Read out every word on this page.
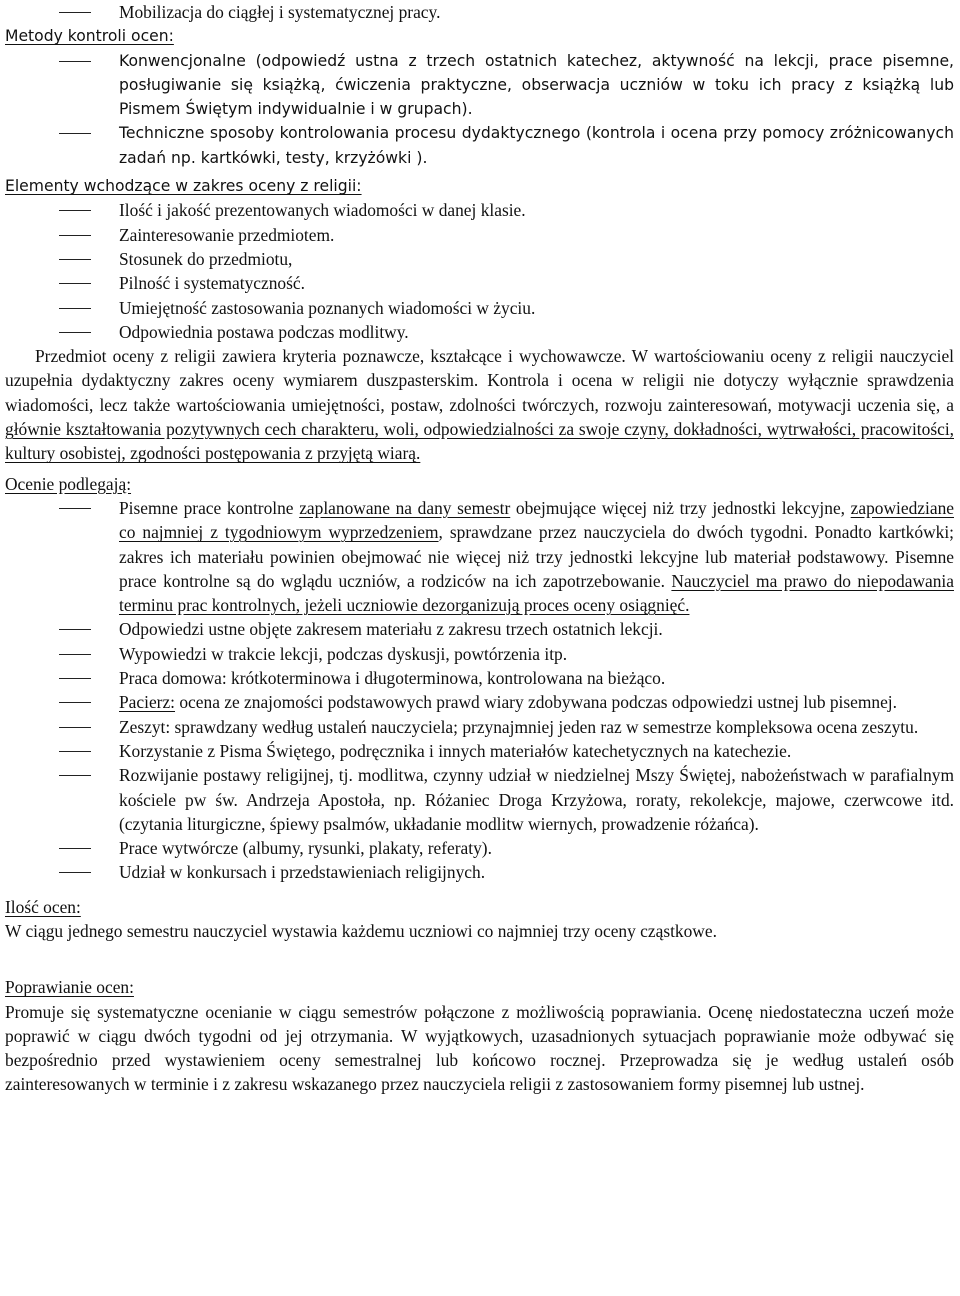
Mobilizacja do ciągłej i systematycznej pracy.
Metody kontroli ocen:
Konwencjonalne (odpowiedź ustna z trzech ostatnich katechez, aktywność na lekcji, prace pisemne, posługiwanie się książką, ćwiczenia praktyczne, obserwacja uczniów w toku ich pracy z książką lub Pismem Świętym indywidualnie i w grupach).
Techniczne sposoby kontrolowania procesu dydaktycznego (kontrola i ocena przy pomocy zróżnicowanych zadań np. kartkówki, testy, krzyżówki ).
Elementy wchodzące w zakres oceny z religii:
Ilość i jakość prezentowanych wiadomości w danej klasie.
Zainteresowanie przedmiotem.
Stosunek do przedmiotu,
Pilność i systematyczność.
Umiejętność zastosowania poznanych wiadomości w życiu.
Odpowiednia postawa podczas modlitwy.
Przedmiot oceny z religii zawiera kryteria poznawcze, kształcące i wychowawcze. W wartościowaniu oceny z religii nauczyciel uzupełnia dydaktyczny zakres oceny wymiarem duszpasterskim. Kontrola i ocena w religii nie dotyczy wyłącznie sprawdzenia wiadomości, lecz także wartościowania umiejętności, postaw, zdolności twórczych, rozwoju zainteresowań, motywacji uczenia się, a głównie kształtowania pozytywnych cech charakteru, woli, odpowiedzialności za swoje czyny, dokładności, wytrwałości, pracowitości, kultury osobistej, zgodności postępowania z przyjętą wiarą.
Ocenie podlegają:
Pisemne prace kontrolne zaplanowane na dany semestr obejmujące więcej niż trzy jednostki lekcyjne, zapowiedziane co najmniej z tygodniowym wyprzedzeniem, sprawdzane przez nauczyciela do dwóch tygodni. Ponadto kartkówki; zakres ich materiału powinien obejmować nie więcej niż trzy jednostki lekcyjne lub materiał podstawowy. Pisemne prace kontrolne są do wglądu uczniów, a rodziców na ich zapotrzebowanie. Nauczyciel ma prawo do niepodawania terminu prac kontrolnych, jeżeli uczniowie dezorganizują proces oceny osiągnięć.
Odpowiedzi ustne objęte zakresem materiału z zakresu trzech ostatnich lekcji.
Wypowiedzi w trakcie lekcji, podczas dyskusji, powtórzenia itp.
Praca domowa: krótkoterminowa i długoterminowa, kontrolowana na bieżąco.
Pacierz: ocena ze znajomości podstawowych prawd wiary zdobywana podczas odpowiedzi ustnej lub pisemnej.
Zeszyt: sprawdzany według ustaleń nauczyciela; przynajmniej jeden raz w semestrze kompleksowa ocena zeszytu.
Korzystanie z Pisma Świętego, podręcznika i innych materiałów katechetycznych na katechezie.
Rozwijanie postawy religijnej, tj. modlitwa, czynny udział w niedzielnej Mszy Świętej, nabożeństwach w parafialnym kościele pw św. Andrzeja Apostoła, np. Różaniec Droga Krzyżowa, roraty, rekolekcje, majowe, czerwcowe itd. (czytania liturgiczne, śpiewy psalmów, układanie modlitw wiernych, prowadzenie różańca).
Prace wytwórcze (albumy, rysunki, plakaty, referaty).
Udział w konkursach i przedstawieniach religijnych.
Ilość ocen:
W ciągu jednego semestru nauczyciel wystawia każdemu uczniowi co najmniej trzy oceny cząstkowe.
Poprawianie ocen:
Promuje się systematyczne ocenianie w ciągu semestrów połączone z możliwością poprawiania. Ocenę niedostateczna uczeń może poprawić w ciągu dwóch tygodni od jej otrzymania. W wyjątkowych, uzasadnionych sytuacjach poprawianie może odbywać się bezpośrednio przed wystawieniem oceny semestralnej lub końcowo rocznej. Przeprowadza się je według ustaleń osób zainteresowanych w terminie i z zakresu wskazanego przez nauczyciela religii z zastosowaniem formy pisemnej lub ustnej.
